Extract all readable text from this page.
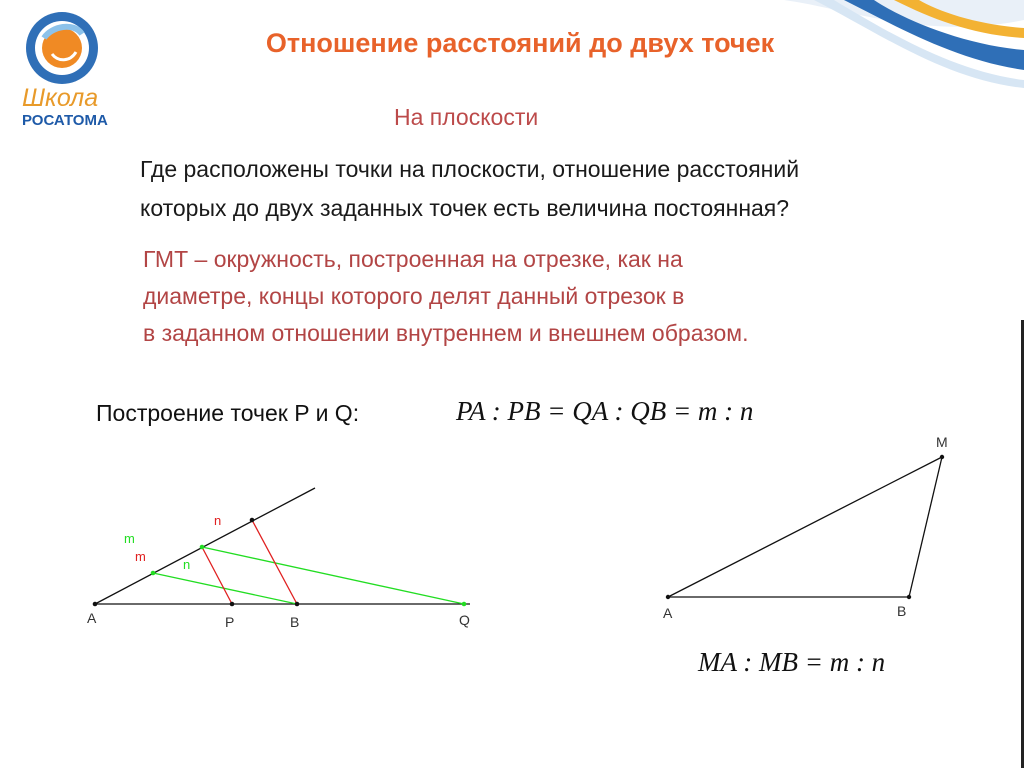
Школа
РОСАТОМА
Отношение расстояний до двух точек
На плоскости
Где расположены точки на плоскости, отношение расстояний
которых до двух заданных точек есть величина постоянная?
ГМТ – окружность, построенная на отрезке, как на
диаметре, концы которого делят данный отрезок в
в заданном отношении внутреннем и внешнем образом.
Построение точек P и Q:	PA : PB = QA : QB = m : n
A	P	B	Q
m
m
n
n
M
A	B
MA : MB = m : n
